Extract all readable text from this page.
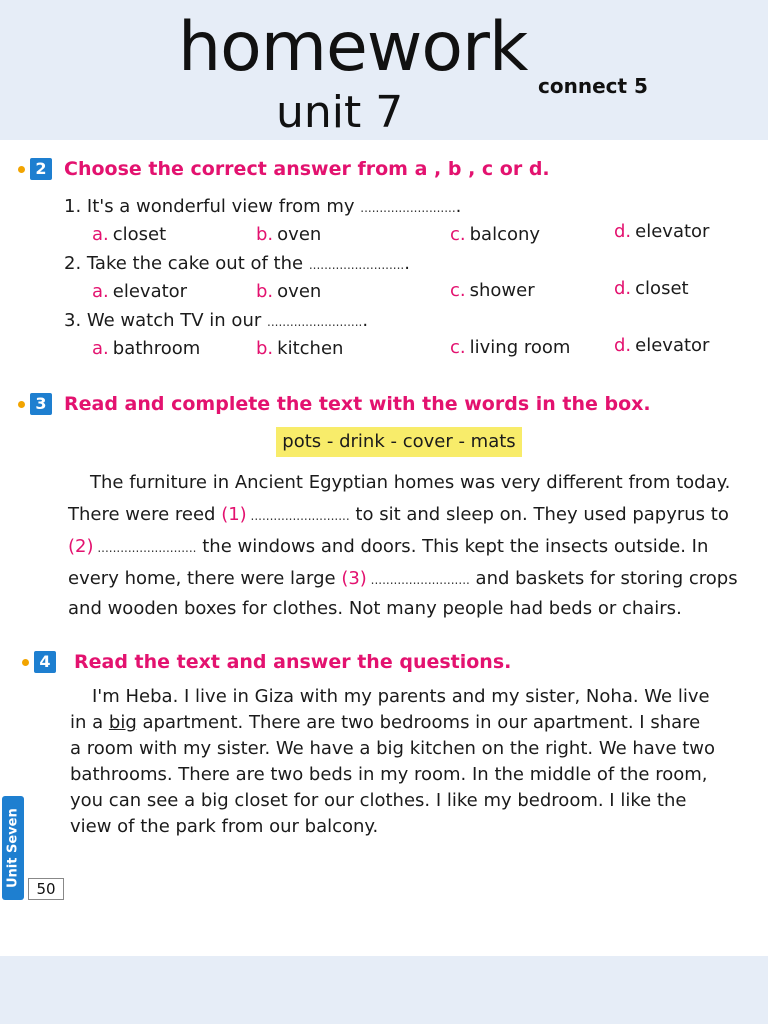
homework connect 5
unit 7
2 Choose the correct answer from a , b , c or d.
1. It's a wonderful view from my ..........................
a. closet	b. oven	c. balcony	d. elevator
2. Take the cake out of the ..........................
a. elevator	b. oven	c. shower	d. closet
3. We watch TV in our ..........................
a. bathroom	b. kitchen	c. living room d. elevator
3 Read and complete the text with the words in the box.
pots - drink - cover - mats
The furniture in Ancient Egyptian homes was very different from today.
There were reed (1) .......................... to sit and sleep on. They used papyrus to
(2) .......................... the windows and doors. This kept the insects outside. In
every home, there were large (3) .......................... and baskets for storing crops
and wooden boxes for clothes. Not many people had beds or chairs.
4 Read the text and answer the questions.
I'm Heba. I live in Giza with my parents and my sister, Noha. We live
in a big apartment. There are two bedrooms in our apartment. I share
a room with my sister. We have a big kitchen on the right. We have two
bathrooms. There are two beds in my room. In the middle of the room,
you can see a big closet for our clothes. I like my bedroom. I like the
view of the park from our balcony.
Unit Seven
50
